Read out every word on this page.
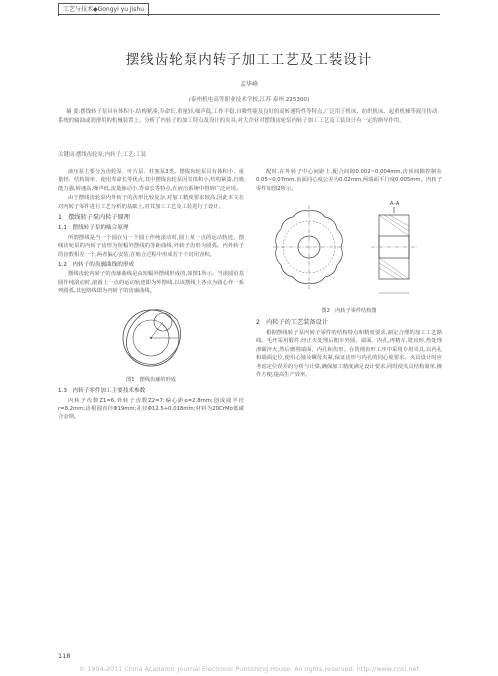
工艺与技术◆Gongyi yu Jishu
摆线齿轮泵内转子加工工艺及工装设计
孟华峰
(泰州机电高等职业技术学校,江苏 泰州 225300)
摘 要:摆线转子泵具有体积小,结构紧凑,寿命长,重量轻,噪声低,工作平稳,自吸性能及良好的高转速特性等特点,广泛用于机床、纺织机床、起重机械等液压传动系统的输油或润滑用的机械装置上。分析了内转子的加工特点及设计的夹具,对大企业对摆线齿轮泵内转子加工工艺及工装设计有一定的指导作用。
关键词:摆线齿轮泵;内转子;工艺;工装

液压泵主要分为齿轮泵、叶片泵、柱塞泵3类。摆线齿轮泵具有体积小、重量轻、结构简单、使用寿命长等优点,其中摆线齿轮泵因其体积小,结构紧凑,自吸能力强,转速高,噪声低,流量脉动小,寿命长等特点,在液压系统中得到广泛应用。

由于摆线齿轮泵内外转子的齿形比较复杂,对加工精度要求较高,因此本文在对内转子零件进行工艺分析的基础上,对其加工工艺及工装进行了设计。

1　摆线转子泵内转子原理
1.1　摆线转子泵的啮合原理

所谓摆线是当一个圆在另一个圆上作纯滚动时,圆上某一点的运动轨迹。摆线齿轮泵的内转子齿形为短幅外摆线的等距曲线,外转子齿形为圆弧。内外转子的齿数相差一个,两者偏心安装,在啮合过程中形成若干个封闭容积。

1.2　内转子的齿廓曲线的形成

摆线齿轮内转子的齿廓曲线是由短幅外摆线形成的,如图1所示。当滚圆沿基圆作纯滚动时,滚圆上一点的运动轨迹即为外摆线,以该摆线上各点为圆心作一系列圆弧,其包络线即为内转子的齿廓曲线。

图1　摆线齿廓的形成
1.3　内转子零件加工主要技术参数

内转子齿数Z1=6,外转子齿数Z2=7;偏心距e=2.8mm;创成圆半径r=8.2mm;齿根圆直径Φ19mm;孔径Φ12.5+0.018mm;材料为20CrMo低碳合金钢。

配时,在外转子中心间距上,配合间隙0.002~0.004mm,齿顶间隙控制在0.05~0.07mm,齿面同心度公差为0.02mm,两端面平行度0.005mm。内转子零件如图2所示。

A–A
图2　内转子零件结构图
2　内转子的工艺装备设计

根据摆线转子泵内转子零件的结构特点和精度要求,制定合理的加工工艺路线。毛坯采用锻件,经正火处理后粗车外圆、端面、内孔,再精车,铣齿形,热处理渗碳淬火,然后磨削端面、内孔和齿形。在铣削齿形工序中采用专用夹具,以内孔和端面定位,使用心轴及螺母夹紧,保证齿形与内孔的同心度要求。夹具设计时应考虑定位误差的分析与计算,确保加工精度满足设计要求,同时使夹具结构简单,操作方便,提高生产效率。

118
© 1994-2011 China Academic Journal Electronic Publishing House. All rights reserved. http://www.cnki.net
